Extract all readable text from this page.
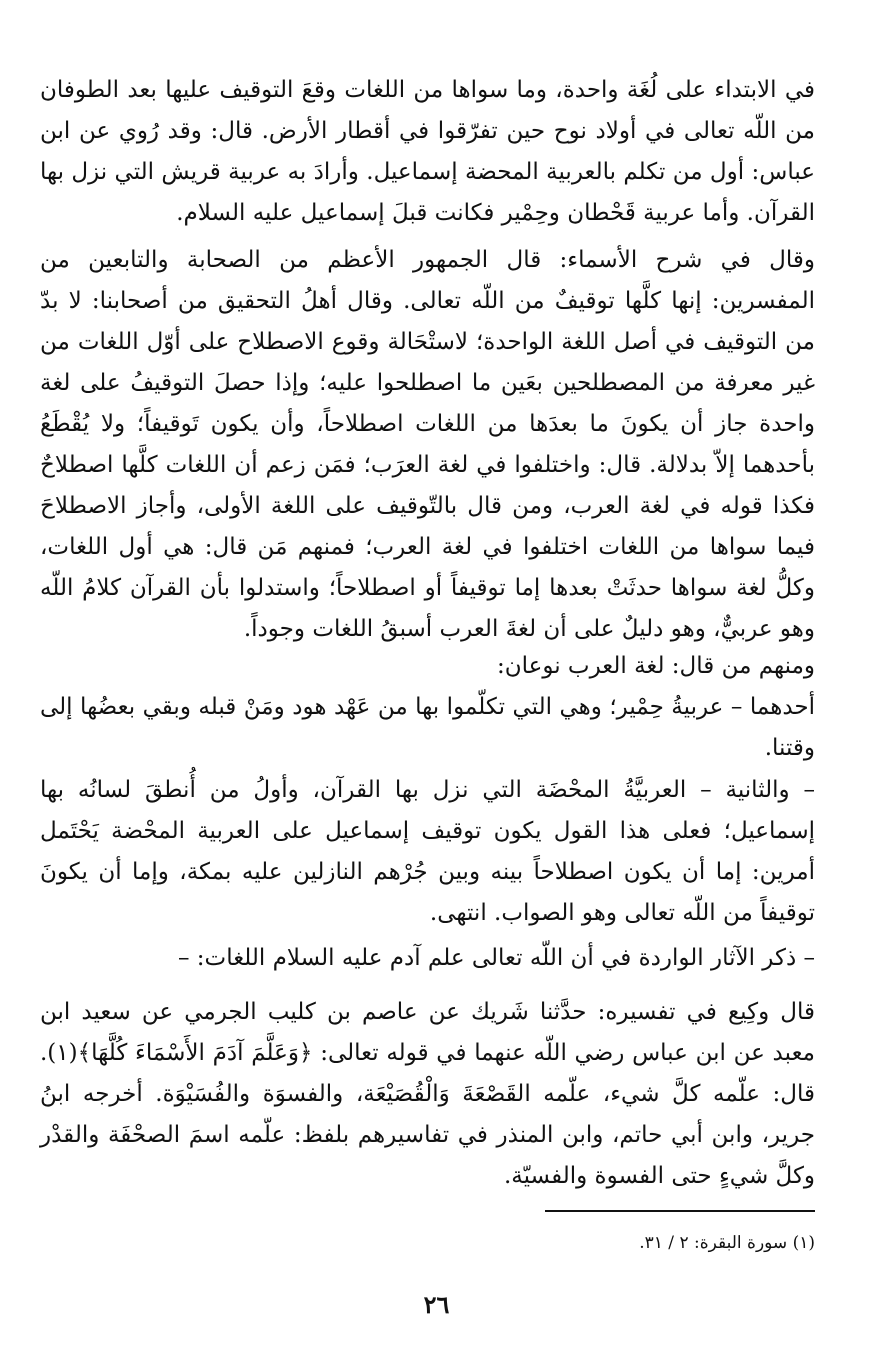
في الابتداء على لُغَة واحدة، وما سواها من اللغات وقعَ التوقيف عليها بعد الطوفان من اللّه تعالى في أولاد نوح حين تفرّقوا في أقطار الأرض. قال: وقد رُوي عن ابن عباس: أول من تكلم بالعربية المحضة إسماعيل. وأرادَ به عربية قريش التي نزل بها القرآن. وأما عربية قَحْطان وحِمْير فكانت قبلَ إسماعيل عليه السلام.

وقال في شرح الأسماء: قال الجمهور الأعظم من الصحابة والتابعين من المفسرين: إنها كلَّها توقيفٌ من اللّه تعالى. وقال أهلُ التحقيق من أصحابنا: لا بدّ من التوقيف في أصل اللغة الواحدة؛ لاستْحَالة وقوع الاصطلاح على أوّل اللغات من غير معرفة من المصطلحين بعَين ما اصطلحوا عليه؛ وإذا حصلَ التوقيفُ على لغة واحدة جاز أن يكونَ ما بعدَها من اللغات اصطلاحاً، وأن يكون تَوقيفاً؛ ولا يُقْطَعُ بأحدهما إلاّ بدلالة. قال: واختلفوا في لغة العرَب؛ فمَن زعم أن اللغات كلَّها اصطلاحٌ فكذا قوله في لغة العرب، ومن قال بالتّوقيف على اللغة الأولى، وأجاز الاصطلاحَ فيما سواها من اللغات اختلفوا في لغة العرب؛ فمنهم مَن قال: هي أول اللغات، وكلُّ لغة سواها حدثَتْ بعدها إما توقيفاً أو اصطلاحاً؛ واستدلوا بأن القرآن كلامُ اللّه وهو عربيٌّ، وهو دليلٌ على أن لغةَ العرب أسبقُ اللغات وجوداً.

ومنهم من قال: لغة العرب نوعان:

أحدهما – عربيةُ حِمْير؛ وهي التي تكلّموا بها من عَهْد هود ومَنْ قبله وبقي بعضُها إلى وقتنا.

– والثانية – العربيَّةُ المحْضَة التي نزل بها القرآن، وأولُ من أُنطقَ لسانُه بها إسماعيل؛ فعلى هذا القول يكون توقيف إسماعيل على العربية المحْضة يَحْتَمل أمرين: إما أن يكون اصطلاحاً بينه وبين جُرْهم النازلين عليه بمكة، وإما أن يكونَ توقيفاً من اللّه تعالى وهو الصواب. انتهى.

– ذكر الآثار الواردة في أن اللّه تعالى علم آدم عليه السلام اللغات: –

قال وكِيع في تفسيره: حدَّثنا شَريك عن عاصم بن كليب الجرمي عن سعيد ابن معبد عن ابن عباس رضي اللّه عنهما في قوله تعالى: ﴿وَعَلَّمَ آدَمَ الأَسْمَاءَ كُلَّهَا﴾(١). قال: علّمه كلَّ شيء، علّمه القَصْعَةَ وَالْقُصَيْعَة، والفسوَة والفُسَيْوَة. أخرجه ابنُ جرير، وابن أبي حاتم، وابن المنذر في تفاسيرهم بلفظ: علّمه اسمَ الصحْفَة والقدْر وكلَّ شيءٍ حتى الفسوة والفسيّة.

(١) سورة البقرة: ٢ / ٣١.
٢٦
